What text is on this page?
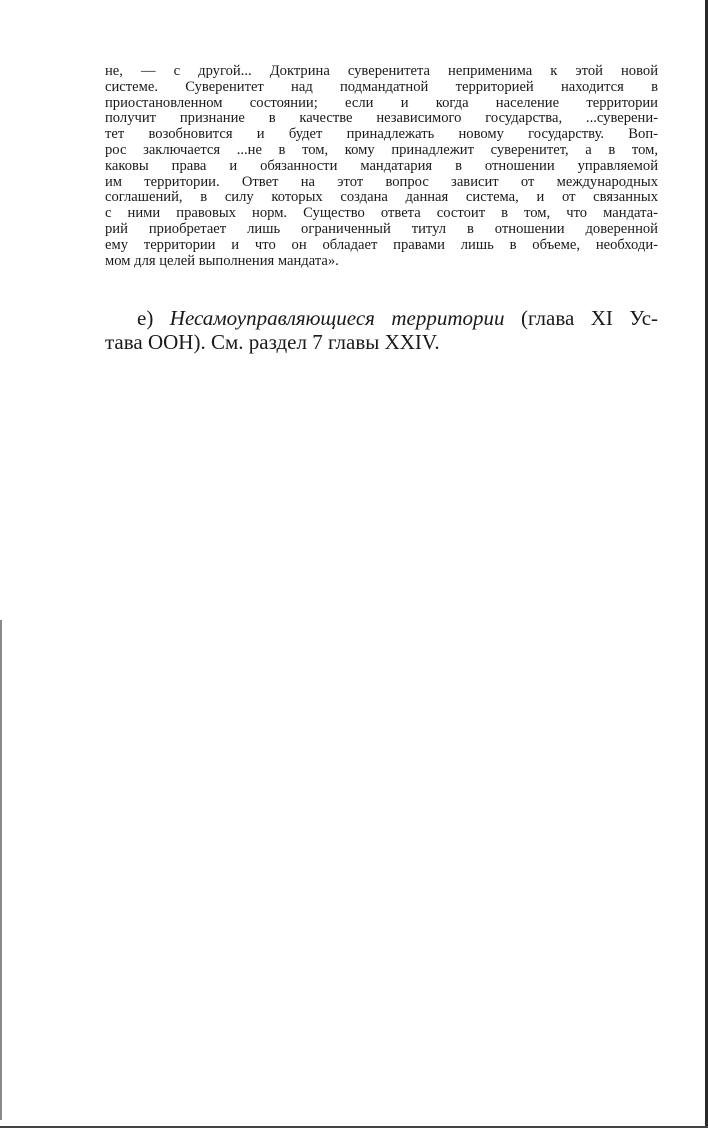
не, — с другой... Доктрина суверенитета неприменима к этой новой
системе. Суверенитет над подмандатной территорией находится в
приостановленном состоянии; если и когда население территории
получит признание в качестве независимого государства, ...суверени-
тет возобновится и будет принадлежать новому государству. Воп-
рос заключается ...не в том, кому принадлежит суверенитет, а в том,
каковы права и обязанности мандатария в отношении управляемой
им территории. Ответ на этот вопрос зависит от международных
соглашений, в силу которых создана данная система, и от связанных
с ними правовых норм. Существо ответа состоит в том, что мандата-
рий приобретает лишь ограниченный титул в отношении доверенной
ему территории и что он обладает правами лишь в объеме, необходи-
мом для целей выполнения мандата».
е) Несамоуправляющиеся территории (глава XI Ус-
тава ООН). См. раздел 7 главы XXIV.
